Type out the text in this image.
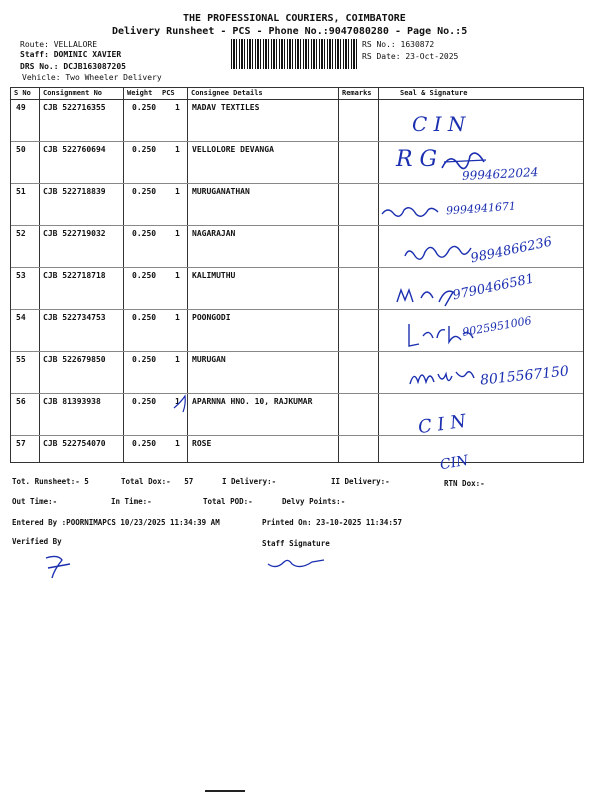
THE PROFESSIONAL COURIERS, COIMBATORE
Delivery Runsheet - PCS - Phone No.:9047080280 - Page No.:5
Route: VELLALORE
Staff: DOMINIC XAVIER
DRS No.: DCJB163087205
Vehicle: Two Wheeler Delivery
RS No.: 1630872
RS Date: 23-Oct-2025
S No Consignment No	Weight PCS Consignee Details	Remarks	Seal & Signature
49 CJB 522716355	0.250 1 MADAV TEXTILES
50 CJB 522760694	0.250 1 VELLOLORE DEVANGA
51 CJB 522718839	0.250 1 MURUGANATHAN
52 CJB 522719032	0.250 1 NAGARAJAN
53 CJB 522718718	0.250 1 KALIMUTHU
54 CJB 522734753	0.250 1 POONGODI
55 CJB 522679850	0.250 1 MURUGAN
56 CJB 81393938	0.250 1 APARNNA HNO. 10, RAJKUMAR
57 CJB 522754070	0.250 1 ROSE
C I N
R G
9994622024
9994941671
9894866236
9790466581
9025951006
8015567150
C I N
CIN
Tot. Runsheet:- 5	Total Dox:-   57	I Delivery:-	II Delivery:-	RTN Dox:-
Out Time:-	In Time:-	Total POD:-	Delvy Points:-
Entered By :POORNIMAPCS 10/23/2025 11:34:39 AM	Printed On: 23-10-2025 11:34:57
Verified By	Staff Signature
